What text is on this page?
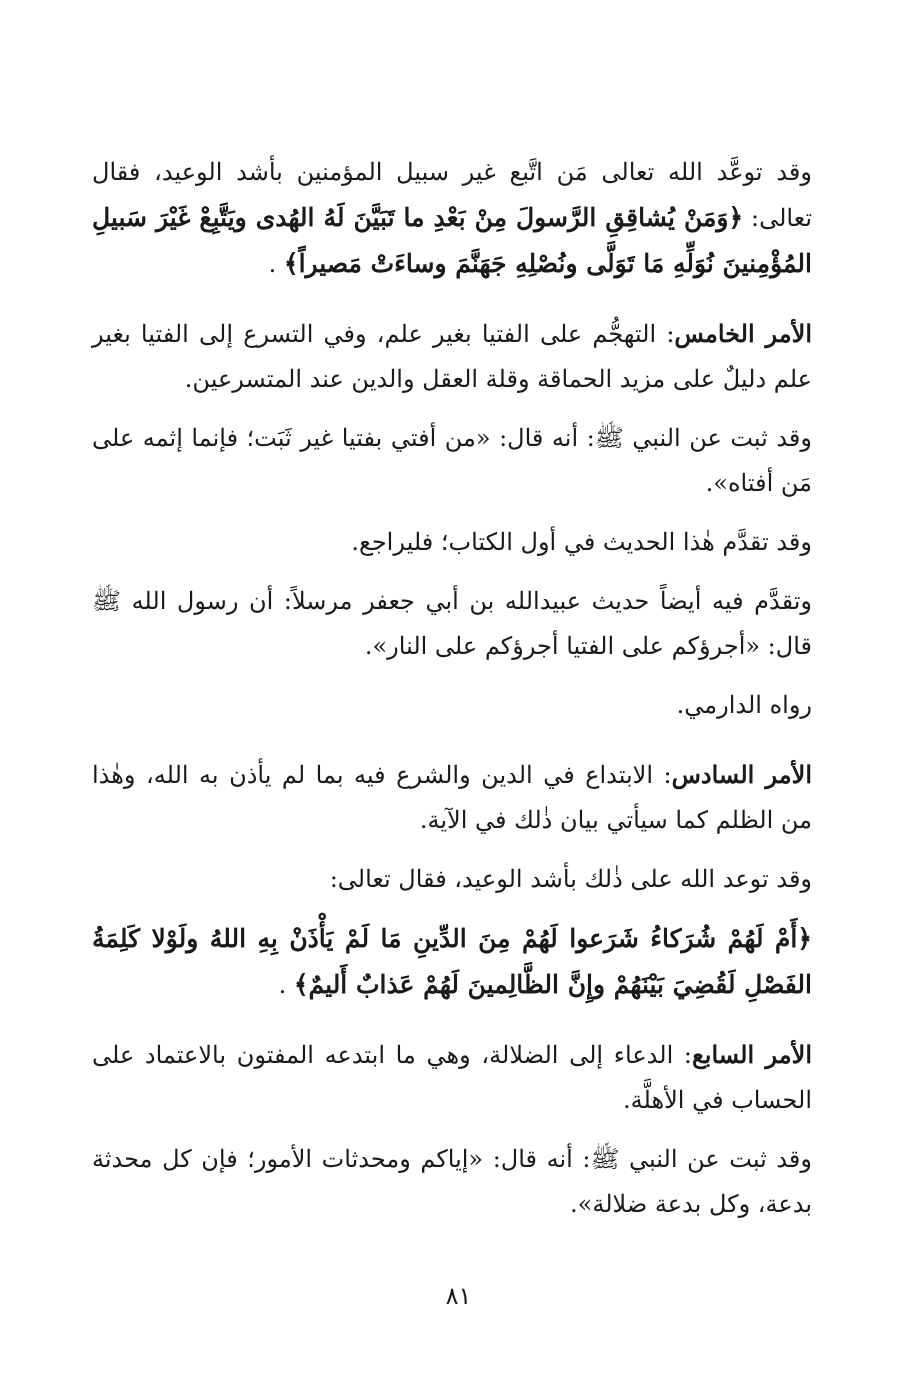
وقد توعَّد الله تعالى مَن اتَّبع غير سبيل المؤمنين بأشد الوعيد، فقال تعالى: ﴿وَمَنْ يُشاقِقِ الرَّسولَ مِنْ بَعْدِ ما تَبَيَّنَ لَهُ الهُدى ويَتَّبِعْ غَيْرَ سَبيلِ المُؤْمِنينَ نُوَلِّهِ مَا تَوَلَّى ونُصْلِهِ جَهَنَّمَ وساءَتْ مَصيراً﴾ .

الأمر الخامس: التهجُّم على الفتيا بغير علم، وفي التسرع إلى الفتيا بغير علم دليلٌ على مزيد الحماقة وقلة العقل والدين عند المتسرعين.

وقد ثبت عن النبي ﷺ: أنه قال: «من أفتي بفتيا غير ثَبَت؛ فإنما إثمه على مَن أفتاه».

وقد تقدَّم هٰذا الحديث في أول الكتاب؛ فليراجع.

وتقدَّم فيه أيضاً حديث عبيدالله بن أبي جعفر مرسلاً: أن رسول الله ﷺ قال: «أجرؤكم على الفتيا أجرؤكم على النار».

رواه الدارمي.

الأمر السادس: الابتداع في الدين والشرع فيه بما لم يأذن به الله، وهٰذا من الظلم كما سيأتي بيان ذٰلك في الآية.

وقد توعد الله على ذٰلك بأشد الوعيد، فقال تعالى:

﴿أَمْ لَهُمْ شُرَكاءُ شَرَعوا لَهُمْ مِنَ الدِّينِ مَا لَمْ يَأْذَنْ بِهِ اللهُ ولَوْلا كَلِمَةُ الفَصْلِ لَقُضِيَ بَيْنَهُمْ وإِنَّ الظَّالِمينَ لَهُمْ عَذابٌ أَليمٌ﴾ .

الأمر السابع: الدعاء إلى الضلالة، وهي ما ابتدعه المفتون بالاعتماد على الحساب في الأهلَّة.

وقد ثبت عن النبي ﷺ: أنه قال: «إياكم ومحدثات الأمور؛ فإن كل محدثة بدعة، وكل بدعة ضلالة».

٨١
